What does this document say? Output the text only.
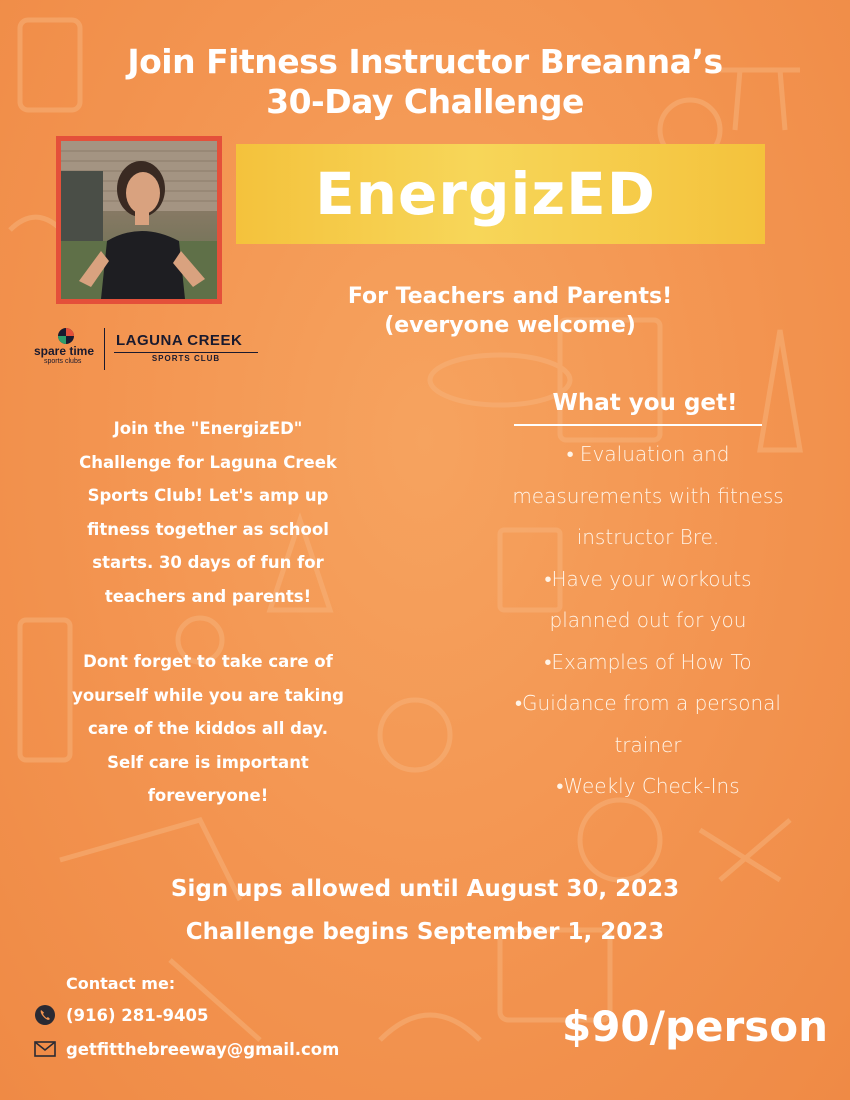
Join Fitness Instructor Breanna’s
30-Day Challenge
EnergizED
For Teachers and Parents!
(everyone welcome)
spare time
sports clubs
LAGUNA CREEK
SPORTS CLUB

Join the "EnergizED"

Challenge for Laguna Creek

Sports Club! Let's amp up

fitness together as school

starts. 30 days of fun for

teachers and parents!

Dont forget to take care of

yourself while you are taking

care of the kiddos all day.

Self care is important

foreveryone!

What you get!

• Evaluation and

measurements with fitness

instructor Bre.

•Have your workouts

planned out for you

•Examples of How To

•Guidance from a personal

trainer

•Weekly Check-Ins

Sign ups allowed until August 30, 2023
Challenge begins September 1, 2023
Contact me:
(916) 281-9405
getfitthebreeway@gmail.com	$90/person
